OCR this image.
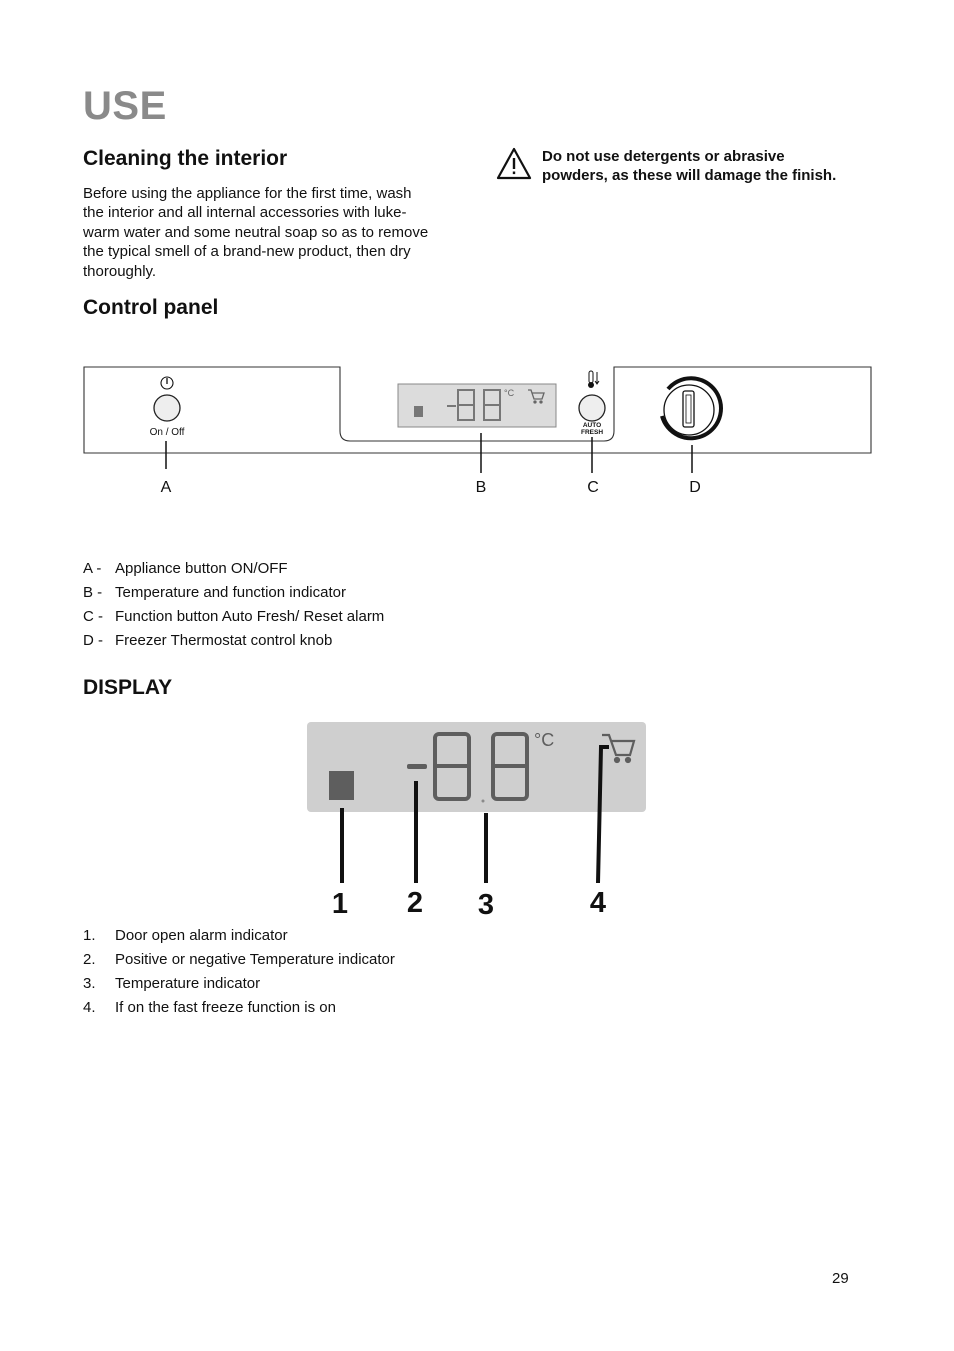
USE
Cleaning the interior
Before using the appliance for the first time, wash
the interior and all internal accessories with luke-
warm water and some neutral soap so as to remove
the typical smell of a brand-new product, then dry
thoroughly.
Do not use detergents or abrasive
powders, as these will damage the finish.
Control panel
On / Off
°C
AUTO
FRESH
A	B	C	D
A - Appliance button ON/OFF
B - Temperature and function indicator
C - Function button Auto Fresh/ Reset alarm
D - Freezer Thermostat control knob
DISPLAY
°C
1 2 3	4
1. Door open alarm indicator
2. Positive or negative Temperature indicator
3. Temperature indicator
4. If on the fast freeze function is on
29
